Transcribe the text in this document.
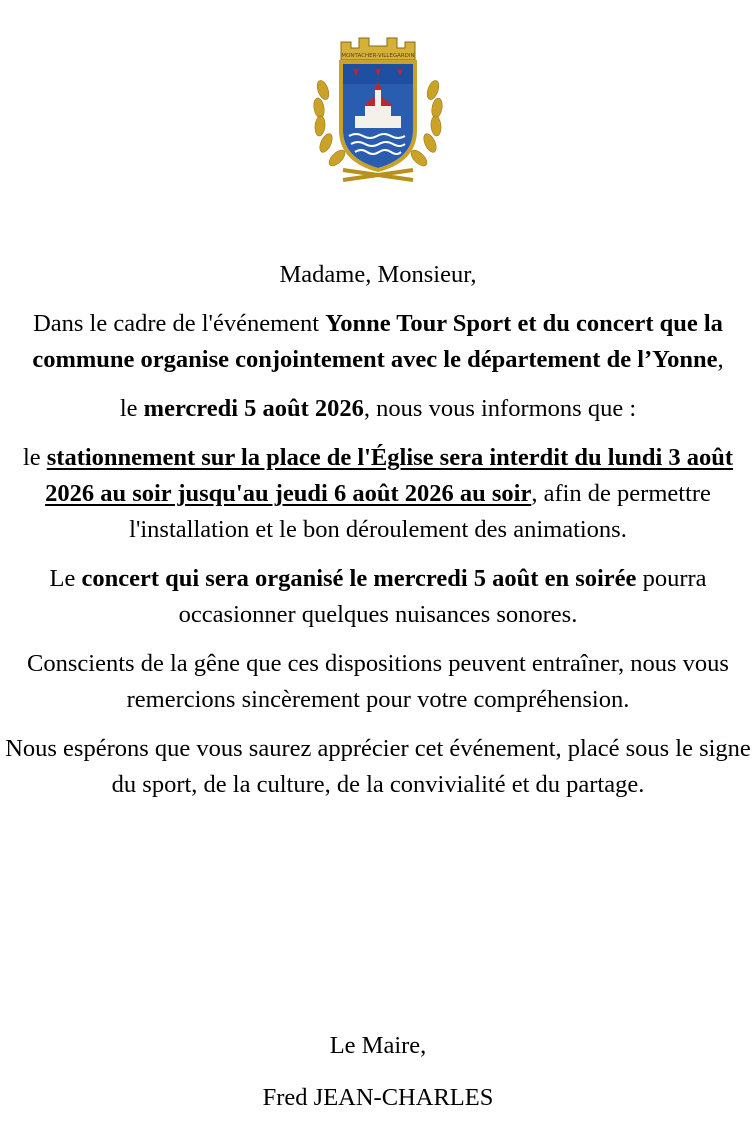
MONTACHER-VILLEGARDIN

Madame, Monsieur,

Dans le cadre de l'événement Yonne Tour Sport et du concert que la commune organise conjointement avec le département de l’Yonne,

le mercredi 5 août 2026, nous vous informons que :

le stationnement sur la place de l'Église sera interdit du lundi 3 août 2026 au soir jusqu'au jeudi 6 août 2026 au soir, afin de permettre l'installation et le bon déroulement des animations.

Le concert qui sera organisé le mercredi 5 août en soirée pourra occasionner quelques nuisances sonores.

Conscients de la gêne que ces dispositions peuvent entraîner, nous vous remercions sincèrement pour votre compréhension.

Nous espérons que vous saurez apprécier cet événement, placé sous le signe du sport, de la culture, de la convivialité et du partage.

Le Maire,
Fred JEAN-CHARLES
